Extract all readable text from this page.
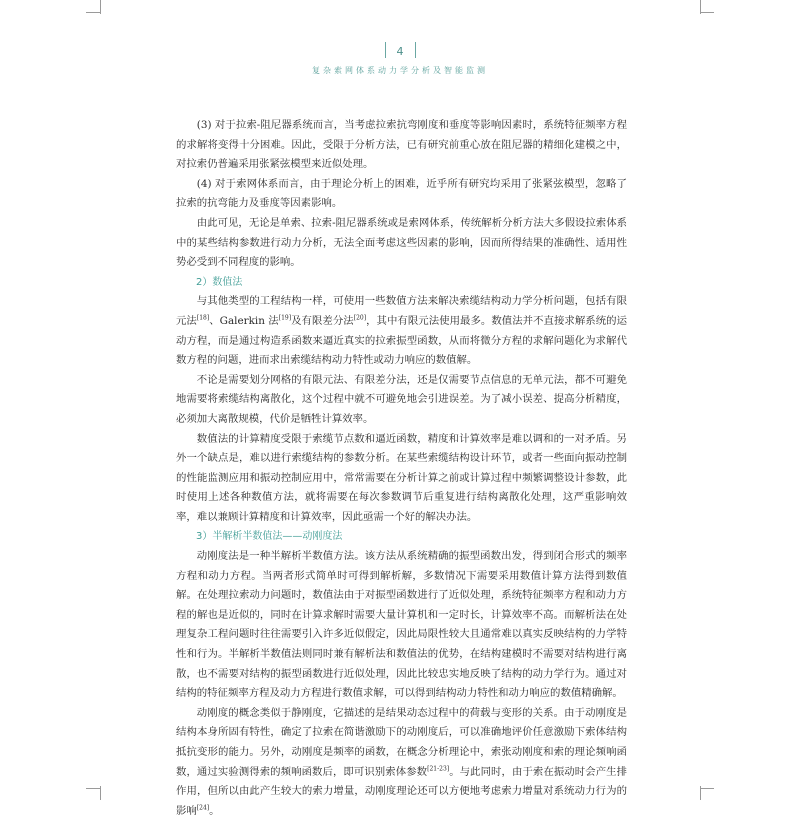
4
复杂索网体系动力学分析及智能监测

(3) 对于拉索-阻尼器系统而言，当考虑拉索抗弯刚度和垂度等影响因素时，系统特征频率方程的求解将变得十分困难。因此，受限于分析方法，已有研究前重心放在阻尼器的精细化建模之中，对拉索仍普遍采用张紧弦模型来近似处理。

(4) 对于索网体系而言，由于理论分析上的困难，近乎所有研究均采用了张紧弦模型，忽略了拉索的抗弯能力及垂度等因素影响。

由此可见，无论是单索、拉索-阻尼器系统或是索网体系，传统解析分析方法大多假设拉索体系中的某些结构参数进行动力分析，无法全面考虑这些因素的影响，因而所得结果的准确性、适用性势必受到不同程度的影响。

2）数值法

与其他类型的工程结构一样，可使用一些数值方法来解决索缆结构动力学分析问题，包括有限元法[18]、Galerkin 法[19]及有限差分法[20]，其中有限元法使用最多。数值法并不直接求解系统的运动方程，而是通过构造系函数来逼近真实的拉索振型函数，从而将微分方程的求解问题化为求解代数方程的问题，进而求出索缆结构动力特性或动力响应的数值解。

不论是需要划分网格的有限元法、有限差分法，还是仅需要节点信息的无单元法，都不可避免地需要将索缆结构离散化，这个过程中就不可避免地会引进误差。为了减小误差、提高分析精度，必须加大离散规模，代价是牺牲计算效率。

数值法的计算精度受限于索缆节点数和逼近函数，精度和计算效率是难以调和的一对矛盾。另外一个缺点是，难以进行索缆结构的参数分析。在某些索缆结构设计环节，或者一些面向振动控制的性能监测应用和振动控制应用中，常常需要在分析计算之前或计算过程中频繁调整设计参数，此时使用上述各种数值方法，就将需要在每次参数调节后重复进行结构离散化处理，这严重影响效率，难以兼顾计算精度和计算效率，因此亟需一个好的解决办法。

3）半解析半数值法——动刚度法

动刚度法是一种半解析半数值方法。该方法从系统精确的振型函数出发，得到闭合形式的频率方程和动力方程。当两者形式简单时可得到解析解，多数情况下需要采用数值计算方法得到数值解。在处理拉索动力问题时，数值法由于对振型函数进行了近似处理，系统特征频率方程和动力方程的解也是近似的，同时在计算求解时需要大量计算机和一定时长，计算效率不高。而解析法在处理复杂工程问题时往往需要引入许多近似假定，因此局限性较大且通常难以真实反映结构的力学特性和行为。半解析半数值法则同时兼有解析法和数值法的优势，在结构建模时不需要对结构进行离散，也不需要对结构的振型函数进行近似处理，因此比较忠实地反映了结构的动力学行为。通过对结构的特征频率方程及动力方程进行数值求解，可以得到结构动力特性和动力响应的数值精确解。

动刚度的概念类似于静刚度，它描述的是结果动态过程中的荷载与变形的关系。由于动刚度是结构本身所固有特性，确定了拉索在简谐激励下的动刚度后，可以准确地评价任意激励下索体结构抵抗变形的能力。另外，动刚度是频率的函数，在概念分析理论中，索张动刚度和索的理论频响函数，通过实验测得索的频响函数后，即可识别索体参数[21-23]。与此同时，由于索在振动时会产生排作用，但所以由此产生较大的索力增量，动刚度理论还可以方便地考虑索力增量对系统动力行为的影响[24]。
